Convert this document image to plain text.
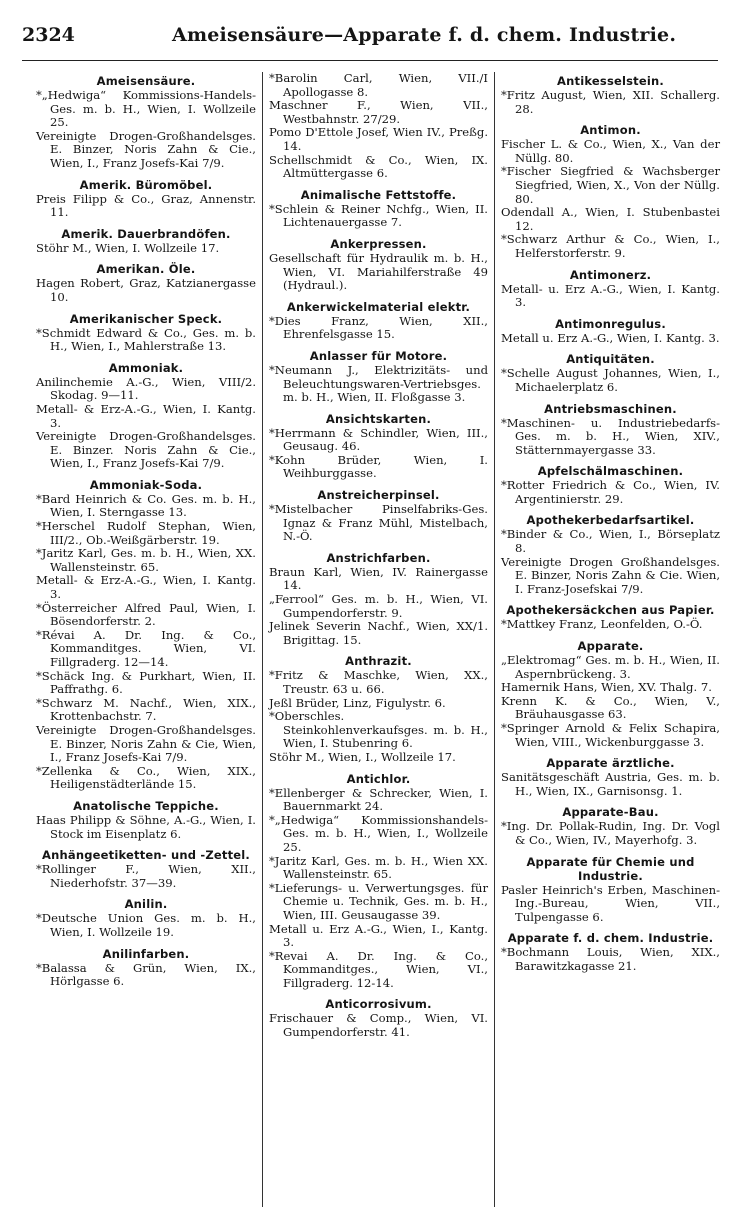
2324	Ameisensäure—Apparate f. d. chem. Industrie.
Ameisensäure.

*„Hedwiga“ Kommissions-Handels-Ges. m. b. H., Wien, I. Wollzeile 25.

Vereinigte Drogen-Großhandelsges. E. Binzer, Noris Zahn & Cie., Wien, I., Franz Josefs-Kai 7/9.

Amerik. Büromöbel.

Preis Filipp & Co., Graz, Annenstr. 11.

Amerik. Dauerbrandöfen.

Stöhr M., Wien, I. Wollzeile 17.

Amerikan. Öle.

Hagen Robert, Graz, Katzianergasse 10.

Amerikanischer Speck.

*Schmidt Edward & Co., Ges. m. b. H., Wien, I., Mahlerstraße 13.

Ammoniak.

Anilinchemie A.-G., Wien, VIII/2. Skodag. 9—11.

Metall- & Erz-A.-G., Wien, I. Kantg. 3.

Vereinigte Drogen-Großhandelsges. E. Binzer. Noris Zahn & Cie., Wien, I., Franz Josefs-Kai 7/9.

Ammoniak-Soda.

*Bard Heinrich & Co. Ges. m. b. H., Wien, I. Sterngasse 13.

*Herschel Rudolf Stephan, Wien, III/2., Ob.-Weißgärberstr. 19.

*Jaritz Karl, Ges. m. b. H., Wien, XX. Wallensteinstr. 65.

Metall- & Erz-A.-G., Wien, I. Kantg. 3.

*Österreicher Alfred Paul, Wien, I. Bösendorferstr. 2.

*Révai A. Dr. Ing. & Co., Kommanditges. Wien, VI. Fillgraderg. 12—14.

*Schäck Ing. & Purkhart, Wien, II. Paffrathg. 6.

*Schwarz M. Nachf., Wien, XIX., Krottenbachstr. 7.

Vereinigte Drogen-Großhandelsges. E. Binzer, Noris Zahn & Cie, Wien, I., Franz Josefs-Kai 7/9.

*Zellenka & Co., Wien, XIX., Heiligenstädterlände 15.

Anatolische Teppiche.

Haas Philipp & Söhne, A.-G., Wien, I. Stock im Eisenplatz 6.

Anhängeetiketten- und -Zettel.

*Rollinger F., Wien, XII., Niederhofstr. 37—39.

Anilin.

*Deutsche Union Ges. m. b. H., Wien, I. Wollzeile 19.

Anilinfarben.

*Balassa & Grün, Wien, IX., Hörlgasse 6.

*Barolin Carl, Wien, VII./I Apollogasse 8.

Maschner F., Wien, VII., Westbahnstr. 27/29.

Pomo D'Ettole Josef, Wien IV., Preßg. 14.

Schellschmidt & Co., Wien, IX. Altmüttergasse 6.

Animalische Fettstoffe.

*Schlein & Reiner Nchfg., Wien, II. Lichtenauergasse 7.

Ankerpressen.

Gesellschaft für Hydraulik m. b. H., Wien, VI. Mariahilferstraße 49 (Hydraul.).

Ankerwickelmaterial elektr.

*Dies Franz, Wien, XII., Ehrenfelsgasse 15.

Anlasser für Motore.

*Neumann J., Elektrizitäts- und Beleuchtungswaren-Vertriebsges. m. b. H., Wien, II. Floßgasse 3.

Ansichtskarten.

*Herrmann & Schindler, Wien, III., Geusaug. 46.

*Kohn Brüder, Wien, I. Weihburggasse.

Anstreicherpinsel.

*Mistelbacher Pinselfabriks-Ges. Ignaz & Franz Mühl, Mistelbach, N.-Ö.

Anstrichfarben.

Braun Karl, Wien, IV. Rainergasse 14.

„Ferrool“ Ges. m. b. H., Wien, VI. Gumpendorferstr. 9.

Jelinek Severin Nachf., Wien, XX/1. Brigittag. 15.

Anthrazit.

*Fritz & Maschke, Wien, XX., Treustr. 63 u. 66.

Jeßl Brüder, Linz, Figulystr. 6.

*Oberschles. Steinkohlenverkaufsges. m. b. H., Wien, I. Stubenring 6.

Stöhr M., Wien, I., Wollzeile 17.

Antichlor.

*Ellenberger & Schrecker, Wien, I. Bauernmarkt 24.

*„Hedwiga“ Kommissionshandels-Ges. m. b. H., Wien, I., Wollzeile 25.

*Jaritz Karl, Ges. m. b. H., Wien XX. Wallensteinstr. 65.

*Lieferungs- u. Verwertungsges. für Chemie u. Technik, Ges. m. b. H., Wien, III. Geusaugasse 39.

Metall u. Erz A.-G., Wien, I., Kantg. 3.

*Revai A. Dr. Ing. & Co., Kommanditges., Wien, VI., Fillgraderg. 12-14.

Anticorrosivum.

Frischauer & Comp., Wien, VI. Gumpendorferstr. 41.

Antikesselstein.

*Fritz August, Wien, XII. Schallerg. 28.

Antimon.

Fischer L. & Co., Wien, X., Van der Nüllg. 80.

*Fischer Siegfried & Wachsberger Siegfried, Wien, X., Von der Nüllg. 80.

Odendall A., Wien, I. Stubenbastei 12.

*Schwarz Arthur & Co., Wien, I., Helferstorferstr. 9.

Antimonerz.

Metall- u. Erz A.-G., Wien, I. Kantg. 3.

Antimonregulus.

Metall u. Erz A.-G., Wien, I. Kantg. 3.

Antiquitäten.

*Schelle August Johannes, Wien, I., Michaelerplatz 6.

Antriebsmaschinen.

*Maschinen- u. Industriebedarfs-Ges. m. b. H., Wien, XIV., Stätternmayergasse 33.

Apfelschälmaschinen.

*Rotter Friedrich & Co., Wien, IV. Argentinierstr. 29.

Apothekerbedarfsartikel.

*Binder & Co., Wien, I., Börseplatz 8.

Vereinigte Drogen Großhandelsges. E. Binzer, Noris Zahn & Cie. Wien, I. Franz-Josefskai 7/9.

Apothekersäckchen aus Papier.

*Mattkey Franz, Leonfelden, O.-Ö.

Apparate.

„Elektromag“ Ges. m. b. H., Wien, II. Aspernbrückeng. 3.

Hamernik Hans, Wien, XV. Thalg. 7.

Krenn K. & Co., Wien, V., Bräuhausgasse 63.

*Springer Arnold & Felix Schapira, Wien, VIII., Wickenburggasse 3.

Apparate ärztliche.

Sanitätsgeschäft Austria, Ges. m. b. H., Wien, IX., Garnisonsg. 1.

Apparate-Bau.

*Ing. Dr. Pollak-Rudin, Ing. Dr. Vogl & Co., Wien, IV., Mayerhofg. 3.

Apparate für Chemie und Industrie.

Pasler Heinrich's Erben, Maschinen-Ing.-Bureau, Wien, VII., Tulpengasse 6.

Apparate f. d. chem. Industrie.

*Bochmann Louis, Wien, XIX., Barawitzkagasse 21.
